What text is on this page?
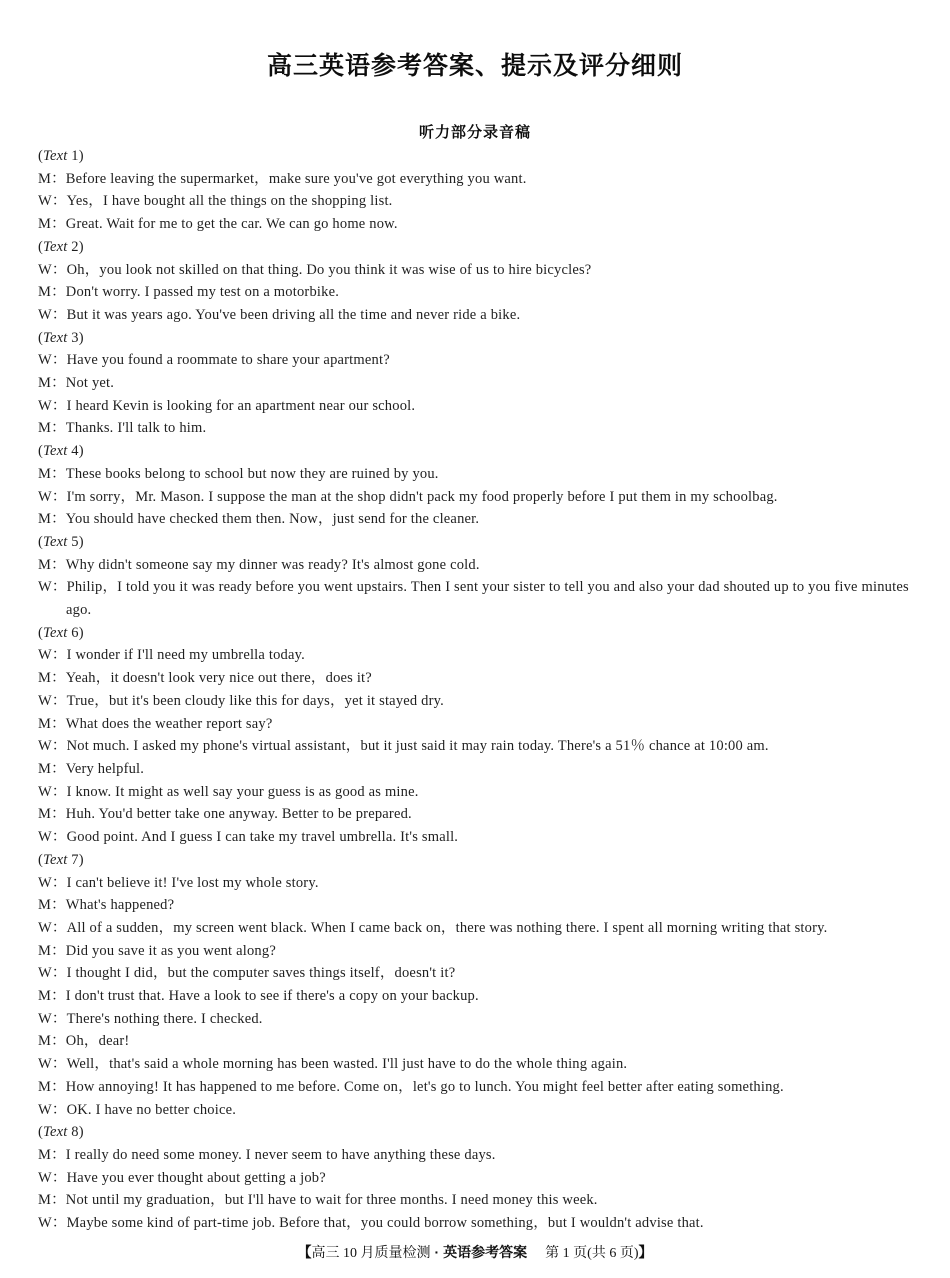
高三英语参考答案、提示及评分细则
听力部分录音稿
(Text 1)
M：Before leaving the supermarket，make sure you've got everything you want.
W：Yes，I have bought all the things on the shopping list.
M：Great. Wait for me to get the car. We can go home now.
(Text 2)
W：Oh，you look not skilled on that thing. Do you think it was wise of us to hire bicycles?
M：Don't worry. I passed my test on a motorbike.
W：But it was years ago. You've been driving all the time and never ride a bike.
(Text 3)
W：Have you found a roommate to share your apartment?
M：Not yet.
W：I heard Kevin is looking for an apartment near our school.
M：Thanks. I'll talk to him.
(Text 4)
M：These books belong to school but now they are ruined by you.
W：I'm sorry，Mr. Mason. I suppose the man at the shop didn't pack my food properly before I put them in my schoolbag.
M：You should have checked them then. Now，just send for the cleaner.
(Text 5)
M：Why didn't someone say my dinner was ready? It's almost gone cold.
W：Philip，I told you it was ready before you went upstairs. Then I sent your sister to tell you and also your dad shouted up to you five minutes ago.
(Text 6)
W：I wonder if I'll need my umbrella today.
M：Yeah，it doesn't look very nice out there，does it?
W：True，but it's been cloudy like this for days，yet it stayed dry.
M：What does the weather report say?
W：Not much. I asked my phone's virtual assistant，but it just said it may rain today. There's a 51％ chance at 10:00 am.
M：Very helpful.
W：I know. It might as well say your guess is as good as mine.
M：Huh. You'd better take one anyway. Better to be prepared.
W：Good point. And I guess I can take my travel umbrella. It's small.
(Text 7)
W：I can't believe it! I've lost my whole story.
M：What's happened?
W：All of a sudden，my screen went black. When I came back on，there was nothing there. I spent all morning writing that story.
M：Did you save it as you went along?
W：I thought I did，but the computer saves things itself，doesn't it?
M：I don't trust that. Have a look to see if there's a copy on your backup.
W：There's nothing there. I checked.
M：Oh，dear!
W：Well，that's said a whole morning has been wasted. I'll just have to do the whole thing again.
M：How annoying! It has happened to me before. Come on，let's go to lunch. You might feel better after eating something.
W：OK. I have no better choice.
(Text 8)
M：I really do need some money. I never seem to have anything these days.
W：Have you ever thought about getting a job?
M：Not until my graduation，but I'll have to wait for three months. I need money this week.
W：Maybe some kind of part-time job. Before that，you could borrow something，but I wouldn't advise that.
【高三 10 月质量检测 · 英语参考答案 第 1 页(共 6 页)】
